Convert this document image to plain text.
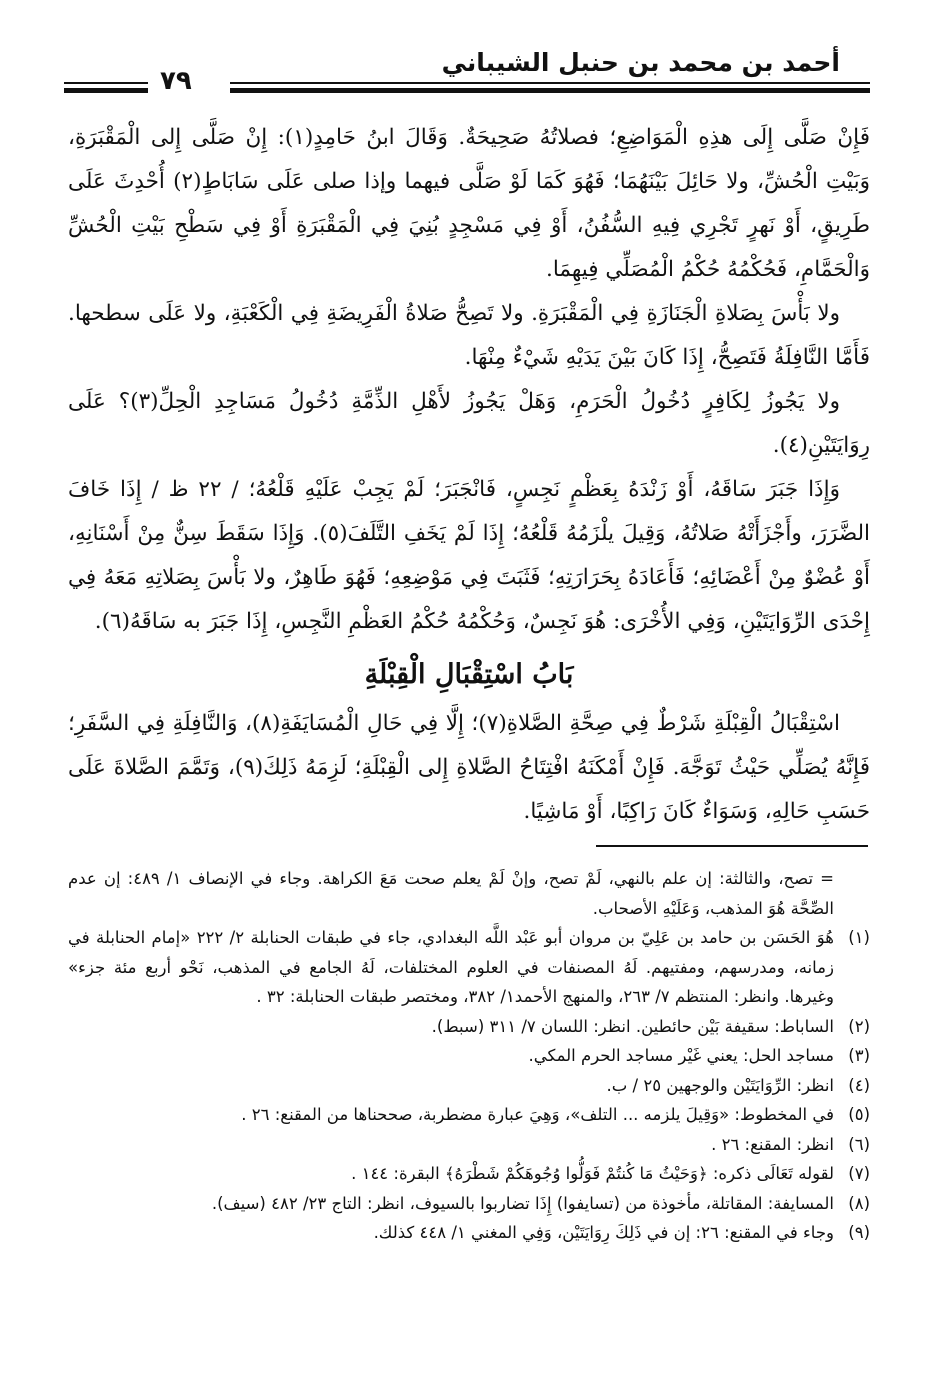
أحمد بن محمد بن حنبل الشيباني
٧٩

فَإِنْ صَلَّى إِلَى هذِهِ الْمَوَاضِعِ؛ فصلاتُهُ صَحِيحَةٌ. وَقَالَ ابنُ حَامِدٍ(١): إِنْ صَلَّى إِلى الْمَقْبَرَةِ، وَبَيْتِ الْحُشِّ، ولا حَائِلَ بَيْنَهُمَا؛ فَهُوَ كَمَا لَوْ صَلَّى فيهما وإذا صلى عَلَى سَابَاطٍ(٢) أُحْدِثَ عَلَى طَرِيقٍ، أَوْ نَهرٍ تَجْرِي فِيهِ السُّفُنُ، أَوْ فِي مَسْجِدٍ بُنِيَ فِي الْمَقْبَرَةِ أَوْ فِي سَطْحِ بَيْتِ الْحُشِّ وَالْحَمَّامِ، فَحُكْمُهُ حُكْمُ الْمُصَلِّي فِيهِمَا.

ولا بَأْسَ بِصَلاةِ الْجَنَازَةِ فِي الْمَقْبَرَةِ. ولا تَصِحُّ صَلاةُ الْفَرِيضَةِ فِي الْكَعْبَةِ، ولا عَلَى سطحها. فَأَمَّا النَّافِلَةُ فَتَصِحُّ، إِذَا كَانَ بَيْنَ يَدَيْهِ شَيْءٌ مِنْهَا.

ولا يَجُوزُ لِكَافِرٍ دُخُولُ الْحَرَمِ، وَهَلْ يَجُوزُ لأَهْلِ الذِّمَّةِ دُخُولُ مَسَاجِدِ الْحِلِّ(٣)؟ عَلَى رِوَايَتَيْنِ(٤).

وَإِذَا جَبَرَ سَاقَهُ، أَوْ زَنْدَهُ بِعَظْمٍ نَجِسٍ، فَانْجَبَرَ؛ لَمْ يَجِبْ عَلَيْهِ قَلْعُهُ؛ / ٢٢ ظ / إِذَا خَافَ الضَّرَرَ، وأَجْزَأَتْهُ صَلاتُهُ، وَقِيلَ يلْزَمُهُ قَلْعُهُ؛ إِذَا لَمْ يَخَفِ التَّلَفَ(٥). وَإِذَا سَقَطَ سِنٌّ مِنْ أَسْنَانِهِ، أَوْ عُضْوٌ مِنْ أَعْضَائِهِ؛ فَأَعَادَهُ بِحَرَارَتِهِ؛ فَثَبَتَ فِي مَوْضِعِهِ؛ فَهُوَ طَاهِرٌ، ولا بَأْسَ بِصَلاتِهِ مَعَهُ فِي إِحْدَى الرِّوَايَتَيْنِ، وَفِي الأُخْرَى: هُوَ نَجِسٌ، وَحُكْمُهُ حُكْمُ العَظْمِ النَّجِسِ، إِذَا جَبَرَ به سَاقَهُ(٦).

بَابُ اسْتِقْبَالِ الْقِبْلَةِ

اسْتِقْبَالُ الْقِبْلَةِ شَرْطٌ فِي صِحَّةِ الصَّلاةِ(٧)؛ إِلَّا فِي حَالِ الْمُسَايَفَةِ(٨)، وَالنَّافِلَةِ فِي السَّفَرِ؛ فَإِنَّهُ يُصَلِّي حَيْثُ تَوَجَّهَ. فَإِنْ أَمْكَنَهُ افْتِتَاحُ الصَّلاةِ إِلى الْقِبْلَةِ؛ لَزِمَهُ ذَلِكَ(٩)، وَتَمَّمَ الصَّلاةَ عَلَى حَسَبِ حَالِهِ، وَسَوَاءٌ كَانَ رَاكِبًا، أَوْ مَاشِيًا.

= تصح، والثالثة: إن علم بالنهي، لَمْ تصح، وإنْ لَمْ يعلم صحت مَعَ الكراهة. وجاء في الإنصاف ١/ ٤٨٩: إن عدم الصِّحَّة هُوَ المذهب، وَعَلَيْهِ الأصحاب.

(١)هُوَ الحَسَن بن حامد بن عَلِيّ بن مروان أبو عَبْد اللَّه البغدادي، جاء في طبقات الحنابلة ٢/ ٢٢٢ «إمام الحنابلة في زمانه، ومدرسهم، ومفتيهم. لَهُ المصنفات في العلوم المختلفات، لَهُ الجامع في المذهب، نَحْو أربع مئة جزء» وغيرها. وانظر: المنتظم ٧/ ٢٦٣، والمنهج الأحمد١/ ٣٨٢، ومختصر طبقات الحنابلة: ٣٢ .

(٢)الساباط: سقيفة بَيْن حائطين. انظر: اللسان ٧/ ٣١١ (سبط).

(٣)مساجد الحل: يعني غَيْر مساجد الحرم المكي.

(٤)انظر: الرِّوَايَتَيْن والوجهين ٢٥ / ب.

(٥)في المخطوط: «وَقِيلَ يلزمه ... التلف»، وَهِيَ عبارة مضطربة، صححناها من المقنع: ٢٦ .

(٦)انظر: المقنع: ٢٦ .

(٧)لقوله تَعَالَى ذكره: ﴿وَحَيْثُ مَا كُنتُمْ فَوَلُّوا وُجُوهَكُمْ شَطْرَهُ﴾ البقرة: ١٤٤ .

(٨)المسايفة: المقاتلة، مأخوذة من (تسايفوا) إِذَا تضاربوا بالسيوف، انظر: التاج ٢٣/ ٤٨٢ (سيف).

(٩)وجاء في المقنع: ٢٦: إن في ذَلِكَ رِوَايَتَيْن، وَفِي المغني ١/ ٤٤٨ كذلك.
